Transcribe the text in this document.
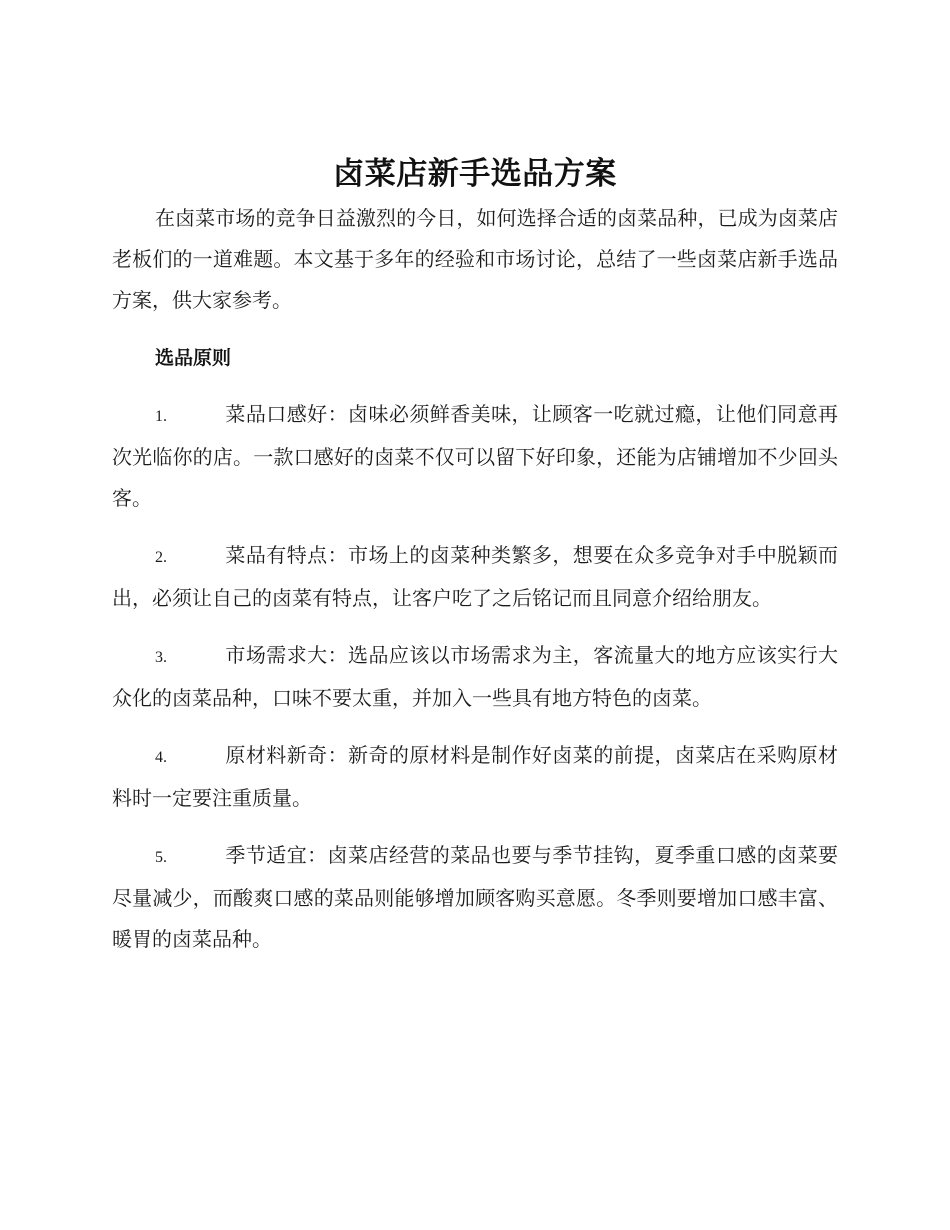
卤菜店新手选品方案

在卤菜市场的竞争日益激烈的今日，如何选择合适的卤菜品种，已成为卤菜店老板们的一道难题。本文基于多年的经验和市场讨论，总结了一些卤菜店新手选品方案，供大家参考。

选品原则
1.	菜品口感好：卤味必须鲜香美味，让顾客一吃就过瘾，让他们同意再次光临你的店。一款口感好的卤菜不仅可以留下好印象，还能为店铺增加不少回头客。
2.	菜品有特点：市场上的卤菜种类繁多，想要在众多竞争对手中脱颖而出，必须让自己的卤菜有特点，让客户吃了之后铭记而且同意介绍给朋友。
3.	市场需求大：选品应该以市场需求为主，客流量大的地方应该实行大众化的卤菜品种，口味不要太重，并加入一些具有地方特色的卤菜。
4.	原材料新奇：新奇的原材料是制作好卤菜的前提，卤菜店在采购原材料时一定要注重质量。
5.	季节适宜：卤菜店经营的菜品也要与季节挂钩，夏季重口感的卤菜要尽量减少，而酸爽口感的菜品则能够增加顾客购买意愿。冬季则要增加口感丰富、暖胃的卤菜品种。
